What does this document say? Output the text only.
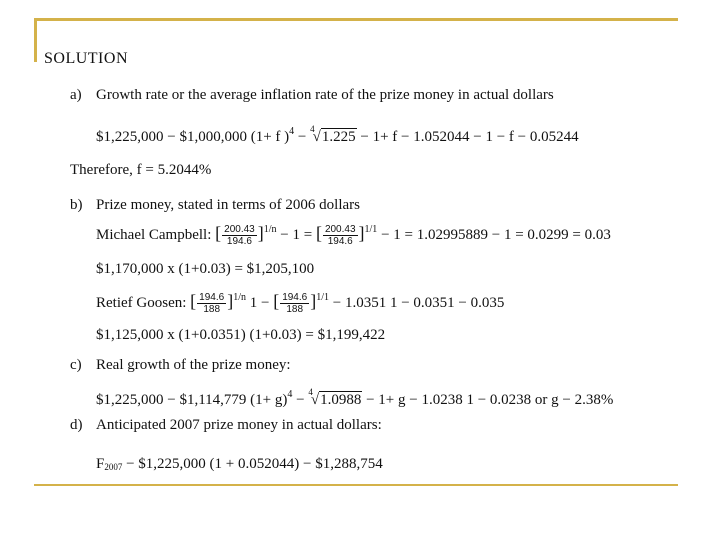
SOLUTION
a) Growth rate or the average inflation rate of the prize money in actual dollars
$1,225,000 − $1,000,000 (1+ f )$^4$ − $^4$√1.225 − 1+ f − 1.052044 − 1 − f − 0.05244
Therefore, f = 5.2044%
b) Prize money, stated in terms of 2006 dollars
Michael Campbell: [ $\frac{200.43}{194.6} ]^{1/n} - 1$ = [ $\frac{200.43}{194.6} ]^{1/1} - 1 = 1.02995889 - 1 = 0.0299 = 0.03$
$1,170,000 x (1+0.03) = $1,205,100
Retief Goosen: [ $\frac{194.6}{188} ]^{1/n}$ 1 − [ $\frac{194.6}{188} ]^{1/1} - 1.0351$ 1 − 0.0351 − 0.035
$1,125,000 x (1+0.0351) (1+0.03) = $1,199,422
c) Real growth of the prize money:
$1,225,000 − $1,114,779 $(1+ g)^4 - ^4√1.0988 - 1+ g - 1.0238$ 1 − 0.0238 or g − 2.38%
d) Anticipated 2007 prize money in actual dollars:
$F_{2007}$ − $1,225,000 (1 + 0.052044) − $1,288,754
